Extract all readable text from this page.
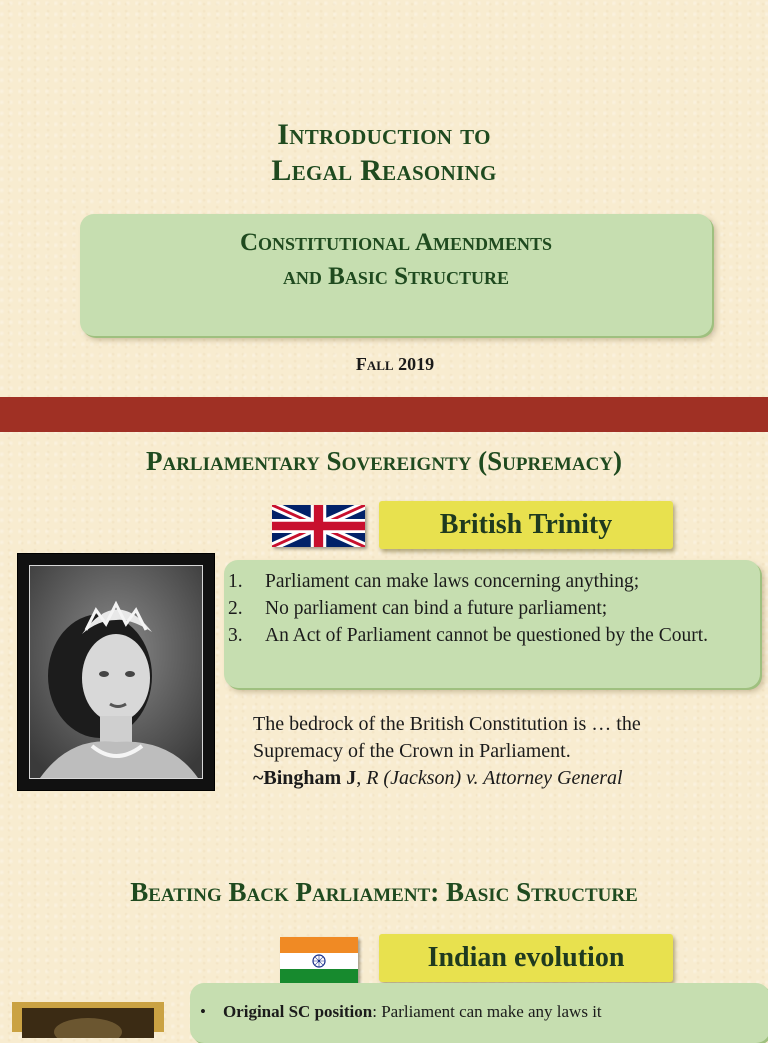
Introduction to
Legal Reasoning
Constitutional Amendments
and Basic Structure
Fall 2019
Parliamentary Sovereignty (Supremacy)
British Trinity
1. Parliament can make laws concerning anything;
2. No parliament can bind a future parliament;
3. An Act of Parliament cannot be questioned by the Court.
The bedrock of the British Constitution is … the
Supremacy of the Crown in Parliament.
~Bingham J, R (Jackson) v. Attorney General
Beating Back Parliament: Basic Structure
Indian evolution
• Original SC position: Parliament can make any laws it
